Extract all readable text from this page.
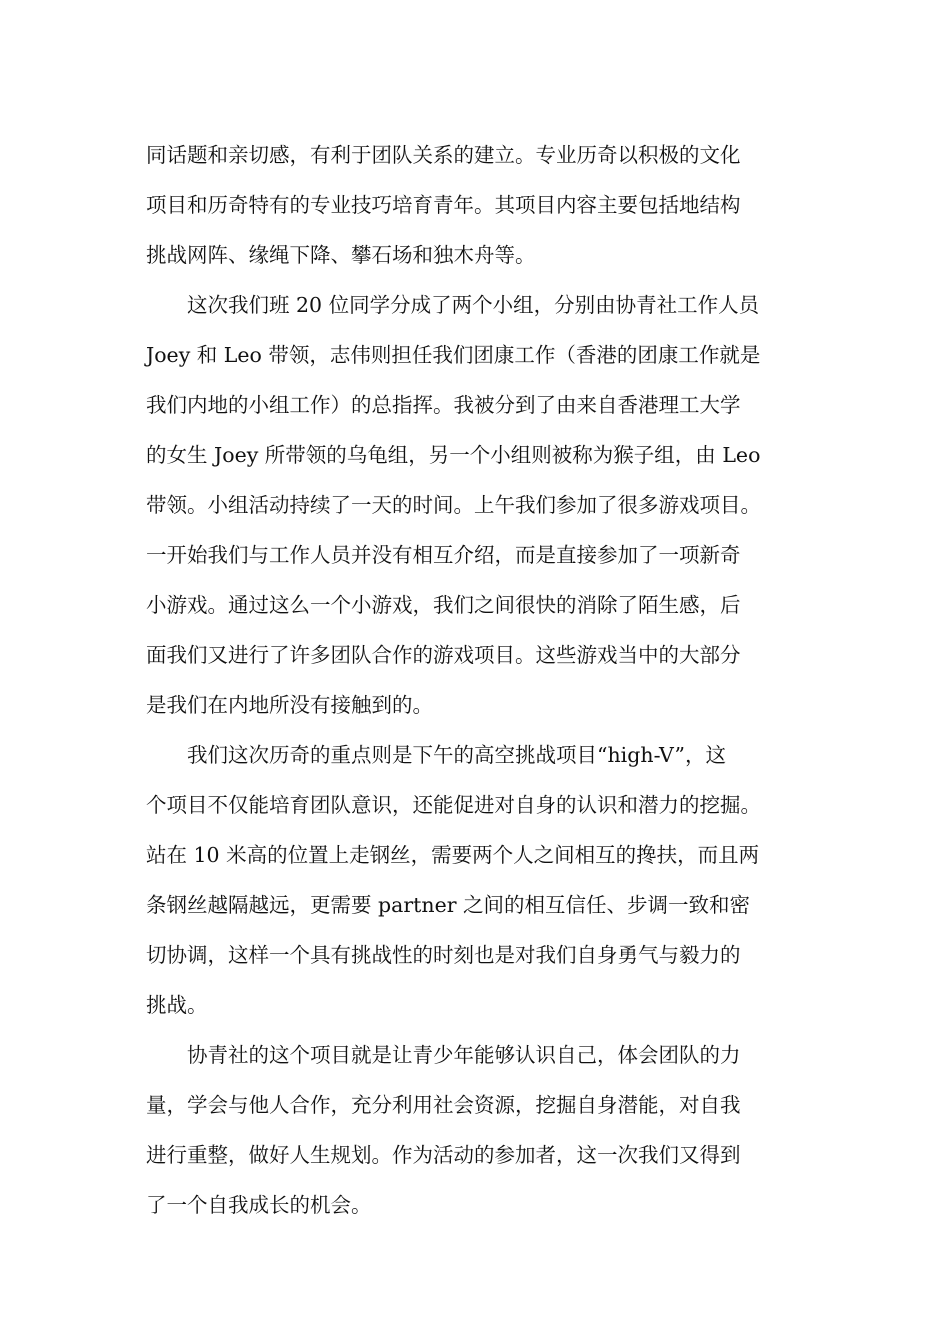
同话题和亲切感，有利于团队关系的建立。专业历奇以积极的文化
项目和历奇特有的专业技巧培育青年。其项目内容主要包括地结构
挑战网阵、缘绳下降、攀石场和独木舟等。
这次我们班 20 位同学分成了两个小组，分别由协青社工作人员
Joey 和 Leo 带领，志伟则担任我们团康工作（香港的团康工作就是
我们内地的小组工作）的总指挥。我被分到了由来自香港理工大学
的女生 Joey 所带领的乌龟组，另一个小组则被称为猴子组，由 Leo
带领。小组活动持续了一天的时间。上午我们参加了很多游戏项目。
一开始我们与工作人员并没有相互介绍，而是直接参加了一项新奇
小游戏。通过这么一个小游戏，我们之间很快的消除了陌生感，后
面我们又进行了许多团队合作的游戏项目。这些游戏当中的大部分
是我们在内地所没有接触到的。
我们这次历奇的重点则是下午的高空挑战项目“high-V”，这
个项目不仅能培育团队意识，还能促进对自身的认识和潜力的挖掘。
站在 10 米高的位置上走钢丝，需要两个人之间相互的搀扶，而且两
条钢丝越隔越远，更需要 partner 之间的相互信任、步调一致和密
切协调，这样一个具有挑战性的时刻也是对我们自身勇气与毅力的
挑战。
协青社的这个项目就是让青少年能够认识自己，体会团队的力
量，学会与他人合作，充分利用社会资源，挖掘自身潜能，对自我
进行重整，做好人生规划。作为活动的参加者，这一次我们又得到
了一个自我成长的机会。
